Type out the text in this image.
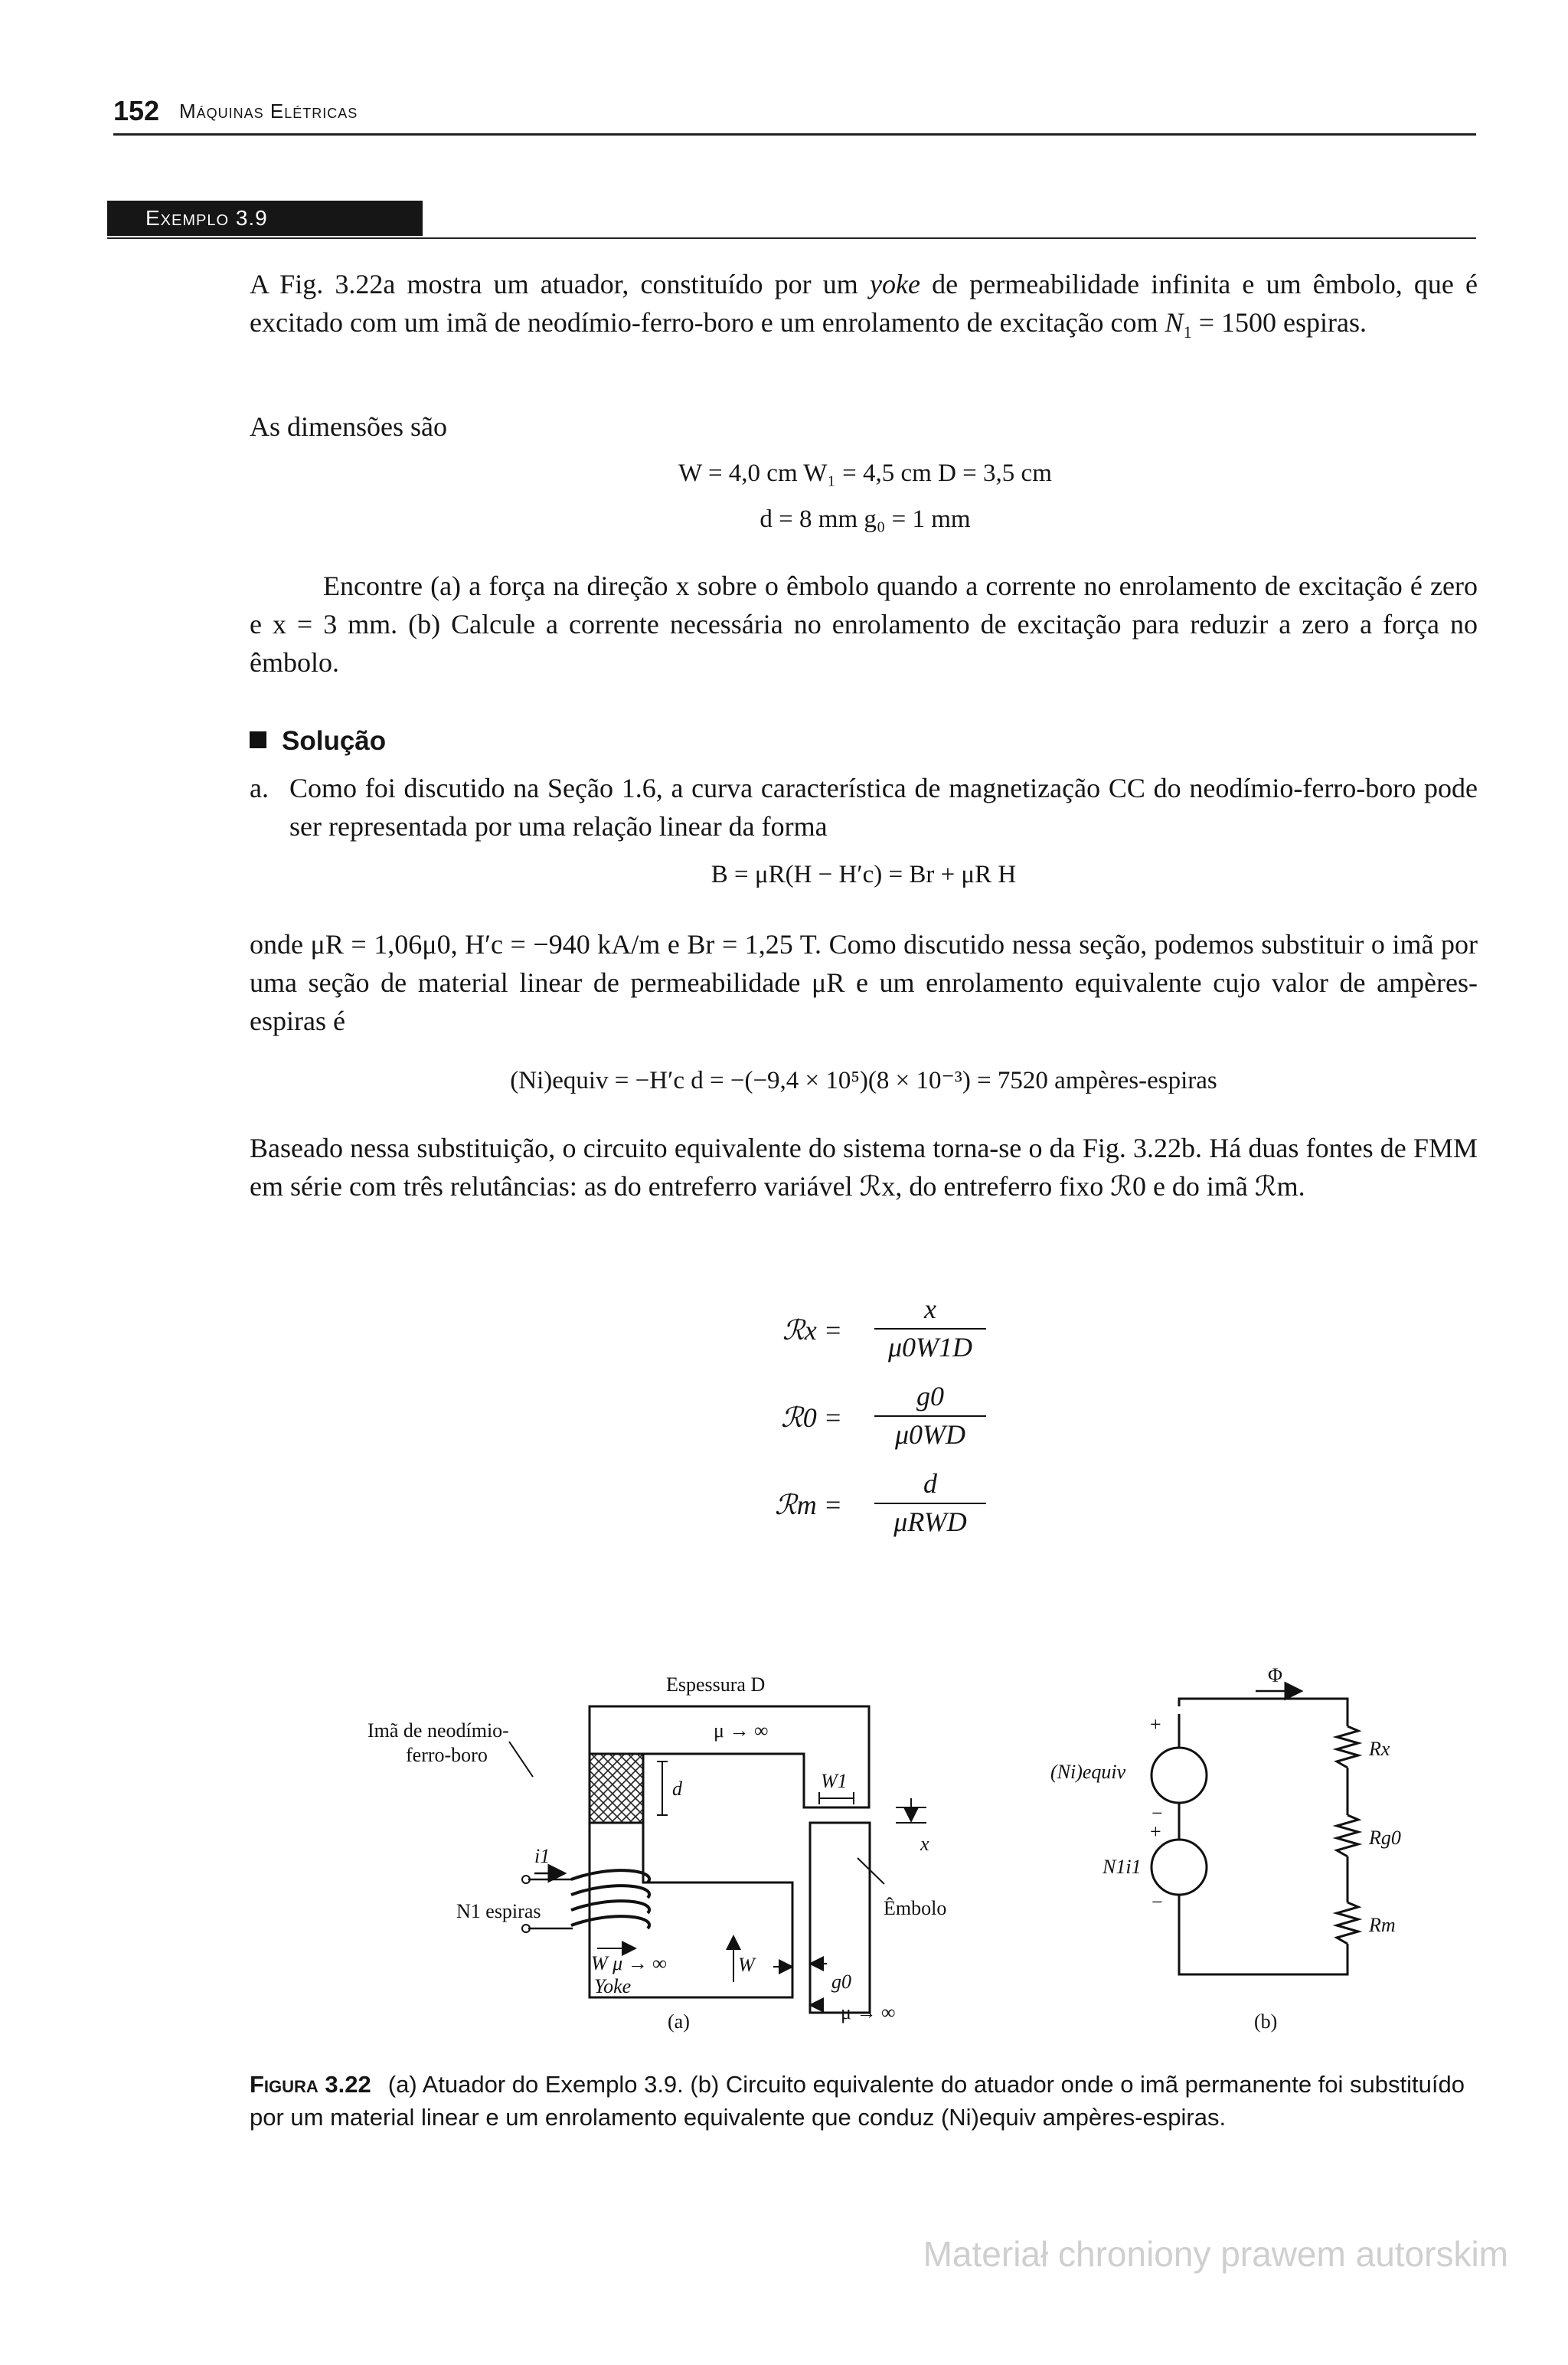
152 Máquinas Elétricas
Exemplo 3.9
A Fig. 3.22a mostra um atuador, constituído por um yoke de permeabilidade infinita e um êmbolo, que é excitado com um imã de neodímio-ferro-boro e um enrolamento de excitação com $N_1 = 1500$ espiras.
As dimensões são
W = 4,0 cm W₁ = 4,5 cm D = 3,5 cm
d = 8 mm g₀ = 1 mm
Encontre (a) a força na direção x sobre o êmbolo quando a corrente no enrolamento de excitação é zero e x = 3 mm. (b) Calcule a corrente necessária no enrolamento de excitação para reduzir a zero a força no êmbolo.
Solução
a. Como foi discutido na Seção 1.6, a curva característica de magnetização CC do neodímio-ferro-boro pode ser representada por uma relação linear da forma
B = μR(H − H′c) = Br + μR H
onde μR = 1,06μ0, H′c = −940 kA/m e Br = 1,25 T. Como discutido nessa seção, podemos substituir o imã por uma seção de material linear de permeabilidade μR e um enrolamento equivalente cujo valor de ampères-espiras é
(Ni)equiv = −H′c d = −(−9,4 × 10⁵)(8 × 10⁻³) = 7520 ampères-espiras
Baseado nessa substituição, o circuito equivalente do sistema torna-se o da Fig. 3.22b. Há duas fontes de FMM em série com três relutâncias: as do entreferro variável ℛx, do entreferro fixo ℛ0 e do imã ℛm.
ℛx =
x
μ0W1D
ℛ0 =
g0
μ0WD
ℛm =
d
μRWD
Espessura D
Imã de neodímio-
ferro-boro
μ → ∞
d	W1
x
i1
N1 espiras
W μ → ∞	W
g0
Êmbolo
μ → ∞
Yoke
(a)
Φ
+
−
+
−
(Ni)equiv
N1i1
Rx
Rg0
Rm
(b)
Figura 3.22 (a) Atuador do Exemplo 3.9. (b) Circuito equivalente do atuador onde o imã permanente foi substituído por um material linear e um enrolamento equivalente que conduz (Ni)equiv ampères-espiras.
Materiał chroniony prawem autorskim
